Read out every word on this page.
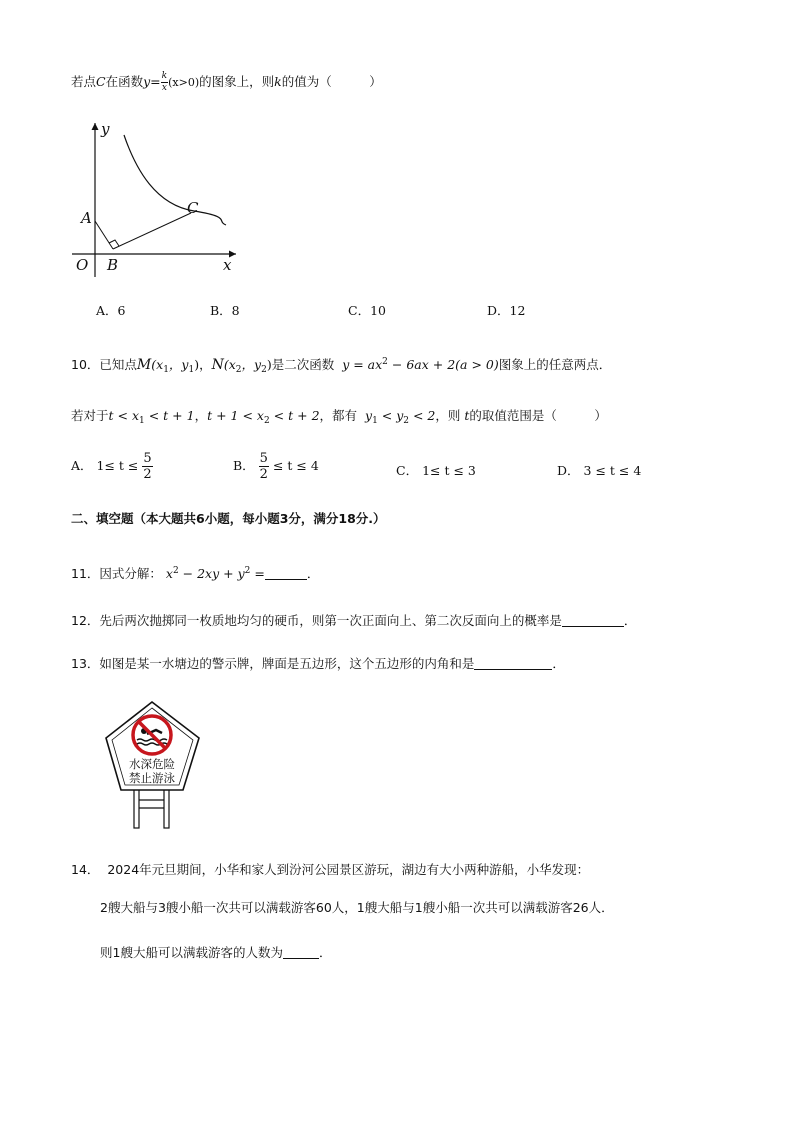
若点C在函数$y= \frac{k}{x} (x>0)$的图象上，则k的值为（　　　）
y
x
O
A
B
C
A．6	B．8	C．10	D．12
10．已知点$M(x_1$，$y_1$)，$N(x_2$，$y_2$)是二次函数 $y = ax^2 - 6ax + 2(a > 0)$图象上的任意两点．
若对于$t < x_1 < t + 1$，$t + 1 < x_2 < t + 2$，都有 $y_1 < y_2 < 2$，则 t的取值范围是（　　　）
A． $1\le t \le \frac{5}{2}$	B． $\frac{5}{2} \le t \le 4$	C． 1≤ t ≤ 3	D． 3 ≤ t ≤ 4
二、填空题（本大题共6小题，每小题3分，满分18分.）
11．因式分解： $x^2 - 2xy + y^2$ =	．
12．先后两次抛掷同一枚质地均匀的硬币，则第一次正面向上、第二次反面向上的概率是	．
13．如图是某一水塘边的警示牌，牌面是五边形，这个五边形的内角和是	．
水深危险
禁止游泳
14． 2024年元旦期间，小华和家人到汾河公园景区游玩，湖边有大小两种游船，小华发现：
2艘大船与3艘小船一次共可以满载游客60人，1艘大船与1艘小船一次共可以满载游客26人．
则1艘大船可以满载游客的人数为	．
